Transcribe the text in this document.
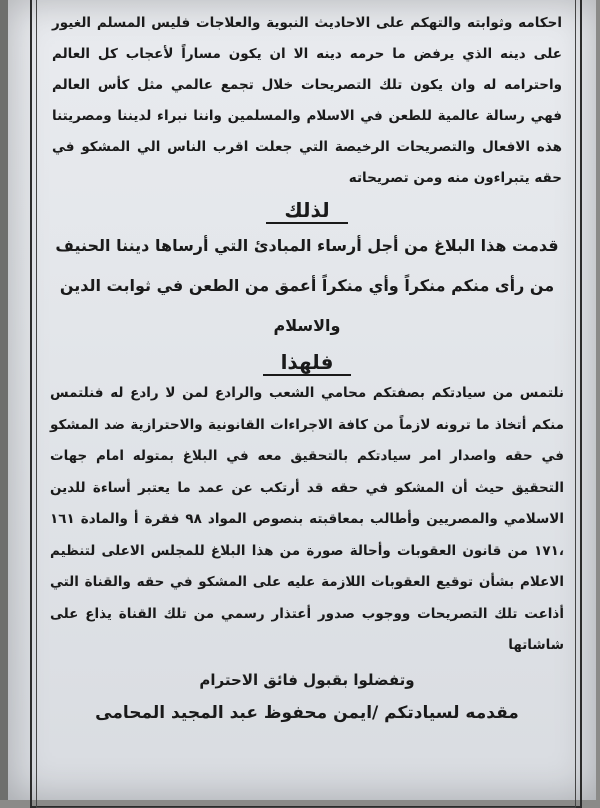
احكامه وثوابته والتهكم على الاحاديث النبوية والعلاجات فليس المسلم الغيور على دينه الذي يرفض ما حرمه دينه الا ان يكون مساراً لأعجاب كل العالم واحترامه له وان يكون تلك التصريحات خلال تجمع عالمي مثل كأس العالم فهي رسالة عالمية للطعن في الاسلام والمسلمين واننا نبراء لديننا ومصريتنا هذه الافعال والتصريحات الرخيصة التي جعلت اقرب الناس الي المشكو في حقه يتبراءون منه ومن تصريحاته

لذلك

قدمت هذا البلاغ من أجل أرساء المبادئ التي أرساها ديننا الحنيف من رأى منكم منكراً وأي منكراً أعمق من الطعن في ثوابت الدين والاسلام

فلهذا

نلتمس من سيادتكم بصفتكم محامي الشعب والرادع لمن لا رادع له فنلتمس منكم أتخاذ ما ترونه لازماً من كافة الاجراءات القانونية والاحترازية ضد المشكو في حقه واصدار امر سيادتكم بالتحقيق معه في البلاغ بمتوله امام جهات التحقيق حيث أن المشكو في حقه قد أرتكب عن عمد ما يعتبر أساءة للدين الاسلامي والمصريين وأطالب بمعاقبته بنصوص المواد ٩٨ فقرة أ والمادة ١٦١ ،١٧١ من قانون العقوبات وأحالة صورة من هذا البلاغ للمجلس الاعلى لتنظيم الاعلام بشأن توقيع العقوبات اللازمة عليه على المشكو في حقه والقناة التي أذاعت تلك التصريحات ووجوب صدور أعتذار رسمي من تلك القناة يذاع على شاشاتها

وتفضلوا بقبول فائق الاحترام

مقدمه لسيادتكم /ايمن محفوظ عبد المجيد المحامى
